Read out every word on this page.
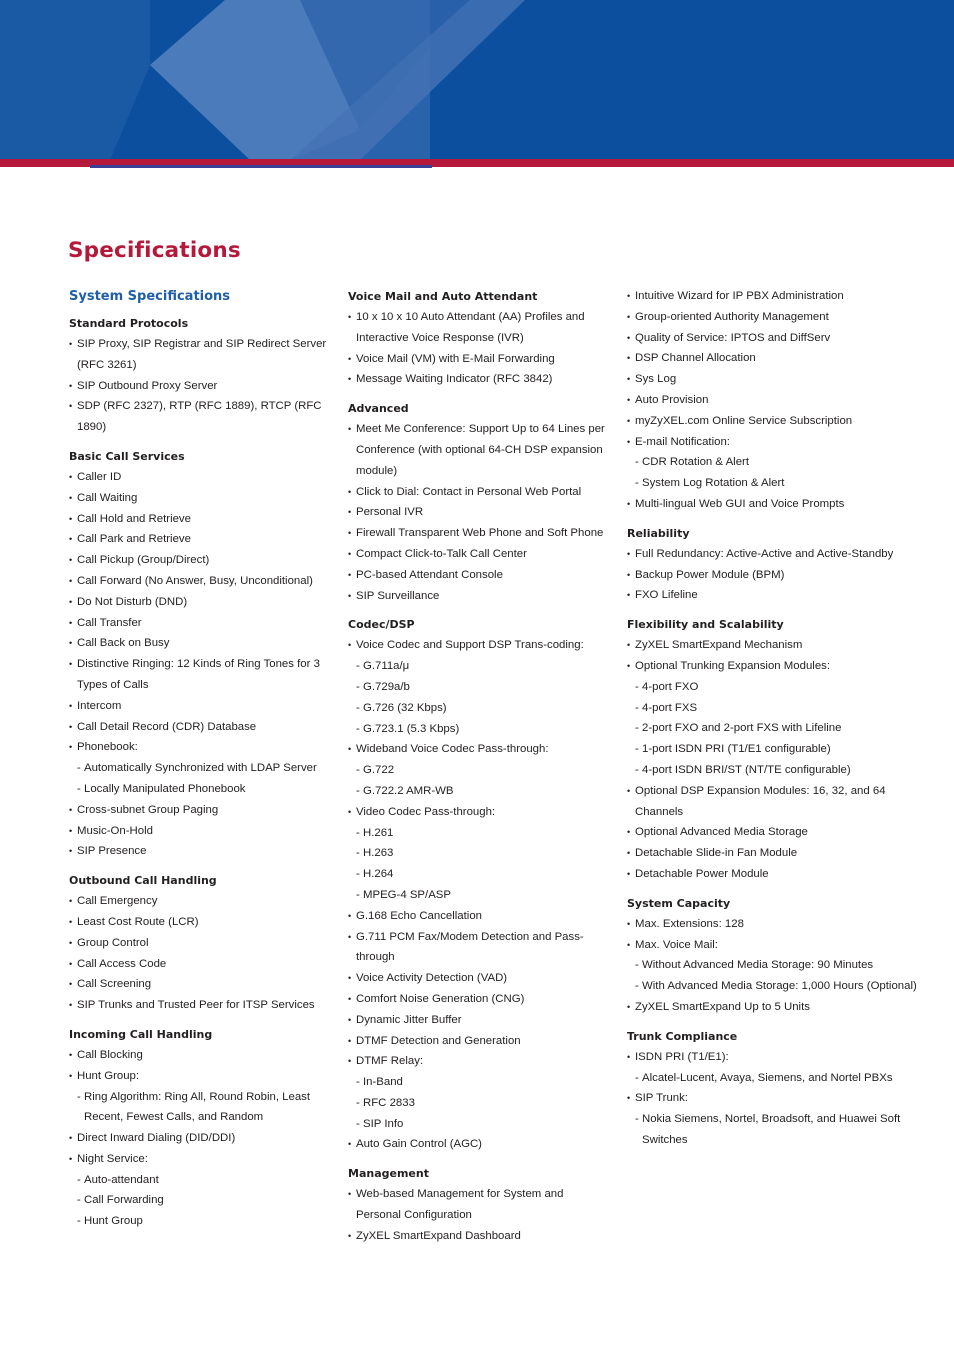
Specifications
System Specifications
Standard Protocols
• SIP Proxy, SIP Registrar and SIP Redirect Server (RFC 3261)
• SIP Outbound Proxy Server
• SDP (RFC 2327), RTP (RFC 1889), RTCP (RFC 1890)
Basic Call Services
• Caller ID
• Call Waiting
• Call Hold and Retrieve
• Call Park and Retrieve
• Call Pickup (Group/Direct)
• Call Forward (No Answer, Busy, Unconditional)
• Do Not Disturb (DND)
• Call Transfer
• Call Back on Busy
• Distinctive Ringing: 12 Kinds of Ring Tones for 3 Types of Calls
• Intercom
• Call Detail Record (CDR) Database
• Phonebook:
- Automatically Synchronized with LDAP Server
- Locally Manipulated Phonebook
• Cross-subnet Group Paging
• Music-On-Hold
• SIP Presence
Outbound Call Handling
• Call Emergency
• Least Cost Route (LCR)
• Group Control
• Call Access Code
• Call Screening
• SIP Trunks and Trusted Peer for ITSP Services
Incoming Call Handling
• Call Blocking
• Hunt Group:
- Ring Algorithm: Ring All, Round Robin, Least Recent, Fewest Calls, and Random
• Direct Inward Dialing (DID/DDI)
• Night Service:
- Auto-attendant
- Call Forwarding
- Hunt Group
Voice Mail and Auto Attendant
• 10 x 10 x 10 Auto Attendant (AA) Profiles and Interactive Voice Response (IVR)
• Voice Mail (VM) with E-Mail Forwarding
• Message Waiting Indicator (RFC 3842)
Advanced
• Meet Me Conference: Support Up to 64 Lines per Conference (with optional 64-CH DSP expansion module)
• Click to Dial: Contact in Personal Web Portal
• Personal IVR
• Firewall Transparent Web Phone and Soft Phone
• Compact Click-to-Talk Call Center
• PC-based Attendant Console
• SIP Surveillance
Codec/DSP
• Voice Codec and Support DSP Trans-coding:
- G.711a/μ
- G.729a/b
- G.726 (32 Kbps)
- G.723.1 (5.3 Kbps)
• Wideband Voice Codec Pass-through:
- G.722
- G.722.2 AMR-WB
• Video Codec Pass-through:
- H.261
- H.263
- H.264
- MPEG-4 SP/ASP
• G.168 Echo Cancellation
• G.711 PCM Fax/Modem Detection and Pass-through
• Voice Activity Detection (VAD)
• Comfort Noise Generation (CNG)
• Dynamic Jitter Buffer
• DTMF Detection and Generation
• DTMF Relay:
- In-Band
- RFC 2833
- SIP Info
• Auto Gain Control (AGC)
Management
• Web-based Management for System and Personal Configuration
• ZyXEL SmartExpand Dashboard
• Intuitive Wizard for IP PBX Administration
• Group-oriented Authority Management
• Quality of Service: IPTOS and DiffServ
• DSP Channel Allocation
• Sys Log
• Auto Provision
• myZyXEL.com Online Service Subscription
• E-mail Notification:
- CDR Rotation & Alert
- System Log Rotation & Alert
• Multi-lingual Web GUI and Voice Prompts
Reliability
• Full Redundancy: Active-Active and Active-Standby
• Backup Power Module (BPM)
• FXO Lifeline
Flexibility and Scalability
• ZyXEL SmartExpand Mechanism
• Optional Trunking Expansion Modules:
- 4-port FXO
- 4-port FXS
- 2-port FXO and 2-port FXS with Lifeline
- 1-port ISDN PRI (T1/E1 configurable)
- 4-port ISDN BRI/ST (NT/TE configurable)
• Optional DSP Expansion Modules: 16, 32, and 64 Channels
• Optional Advanced Media Storage
• Detachable Slide-in Fan Module
• Detachable Power Module
System Capacity
• Max. Extensions: 128
• Max. Voice Mail:
- Without Advanced Media Storage: 90 Minutes
- With Advanced Media Storage: 1,000 Hours (Optional)
• ZyXEL SmartExpand Up to 5 Units
Trunk Compliance
• ISDN PRI (T1/E1):
- Alcatel-Lucent, Avaya, Siemens, and Nortel PBXs
• SIP Trunk:
- Nokia Siemens, Nortel, Broadsoft, and Huawei Soft Switches
